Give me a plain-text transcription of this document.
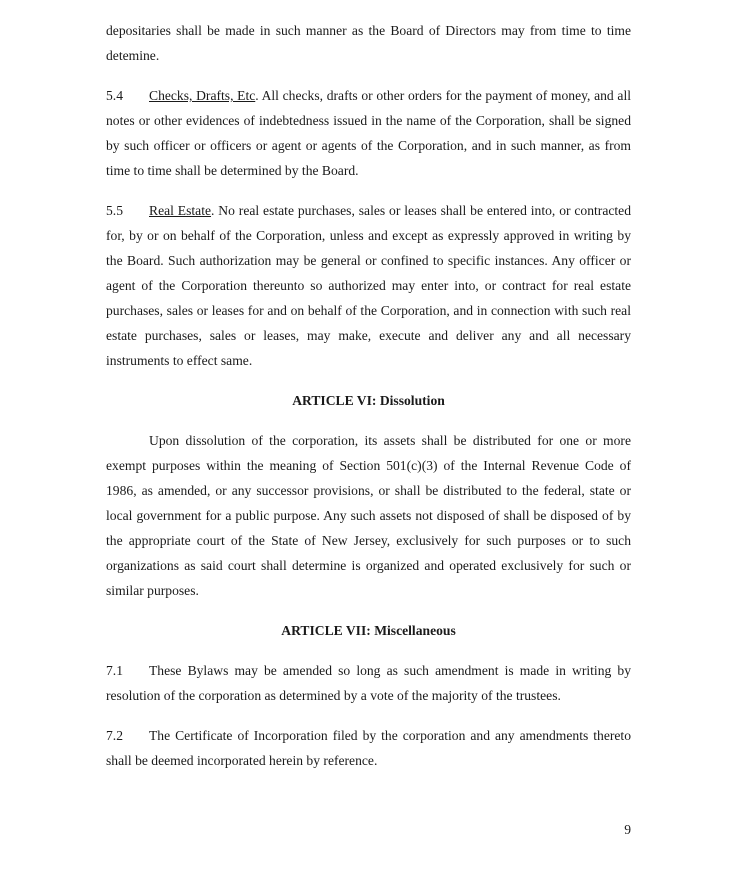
depositaries shall be made in such manner as the Board of Directors may from time to time detemine.

5.4 Checks, Drafts, Etc. All checks, drafts or other orders for the payment of money, and all notes or other evidences of indebtedness issued in the name of the Corporation, shall be signed by such officer or officers or agent or agents of the Corporation, and in such manner, as from time to time shall be determined by the Board.

5.5 Real Estate. No real estate purchases, sales or leases shall be entered into, or contracted for, by or on behalf of the Corporation, unless and except as expressly approved in writing by the Board. Such authorization may be general or confined to specific instances. Any officer or agent of the Corporation thereunto so authorized may enter into, or contract for real estate purchases, sales or leases for and on behalf of the Corporation, and in connection with such real estate purchases, sales or leases, may make, execute and deliver any and all necessary instruments to effect same.

ARTICLE VI: Dissolution

Upon dissolution of the corporation, its assets shall be distributed for one or more exempt purposes within the meaning of Section 501(c)(3) of the Internal Revenue Code of 1986, as amended, or any successor provisions, or shall be distributed to the federal, state or local government for a public purpose. Any such assets not disposed of shall be disposed of by the appropriate court of the State of New Jersey, exclusively for such purposes or to such organizations as said court shall determine is organized and operated exclusively for such or similar purposes.

ARTICLE VII: Miscellaneous

7.1 These Bylaws may be amended so long as such amendment is made in writing by resolution of the corporation as determined by a vote of the majority of the trustees.

7.2 The Certificate of Incorporation filed by the corporation and any amendments thereto shall be deemed incorporated herein by reference.

9
